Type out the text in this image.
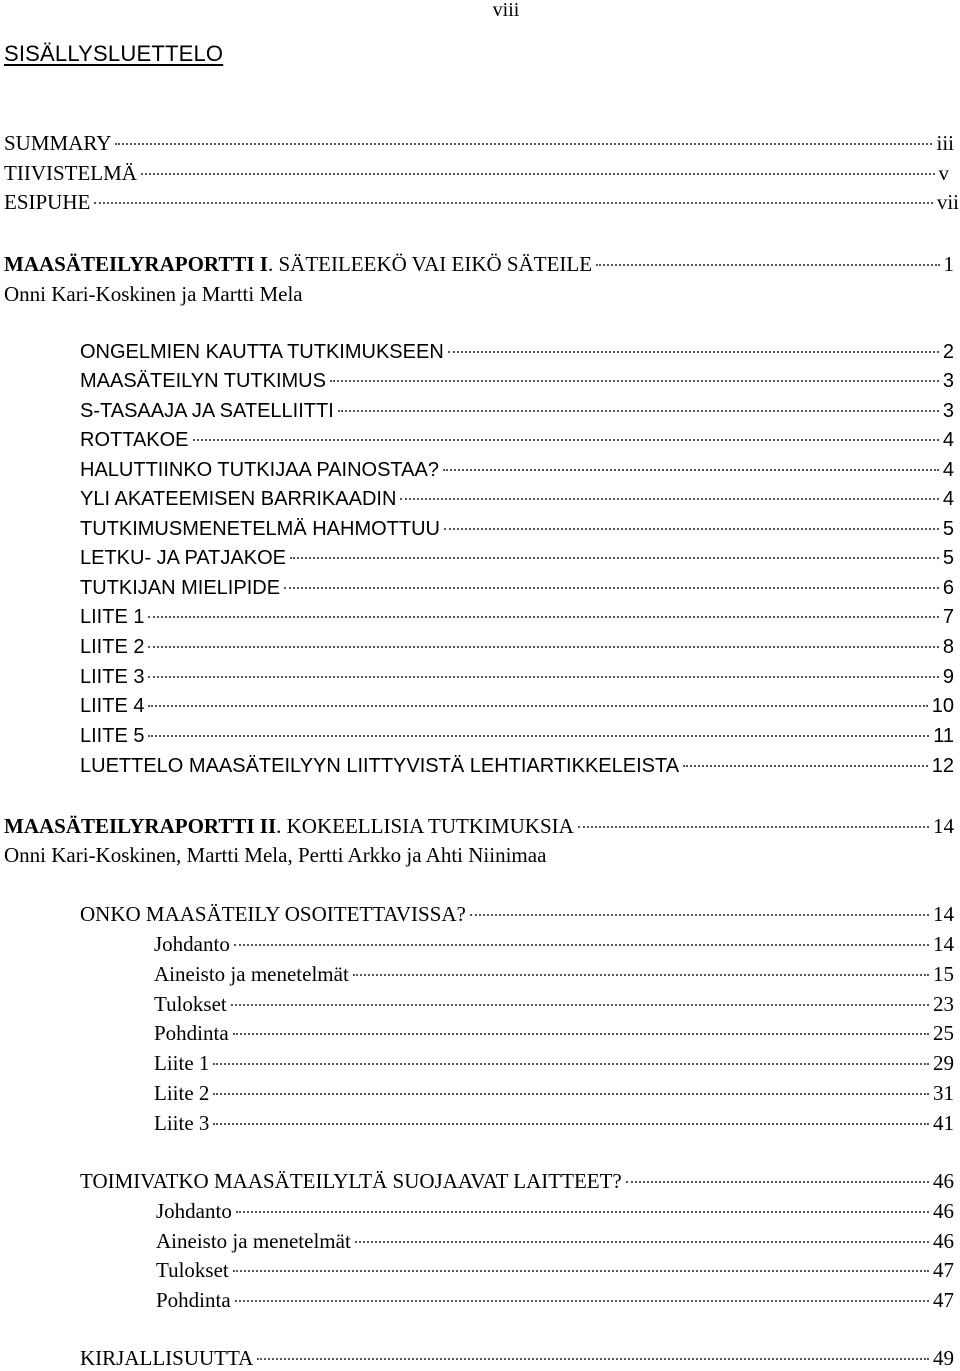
viii
SISÄLLYSLUETTELO
SUMMARY	iii
TIIVISTELMÄ	v
ESIPUHE	vii
MAASÄTEILYRAPORTTI I. SÄTEILEEKÖ VAI EIKÖ SÄTEILE	1
Onni Kari-Koskinen ja Martti Mela
ONGELMIEN KAUTTA TUTKIMUKSEEN	2
MAASÄTEILYN TUTKIMUS	3
S-TASAAJA JA SATELLIITTI	3
ROTTAKOE	4
HALUTTIINKO TUTKIJAA PAINOSTAA?	4
YLI AKATEEMISEN BARRIKAADIN	4
TUTKIMUSMENETELMÄ HAHMOTTUU	5
LETKU- JA PATJAKOE	5
TUTKIJAN MIELIPIDE	6
LIITE 1	7
LIITE 2	8
LIITE 3	9
LIITE 4	10
LIITE 5	11
LUETTELO MAASÄTEILYYN LIITTYVISTÄ LEHTIARTIKKELEISTA	12
MAASÄTEILYRAPORTTI II. KOKEELLISIA TUTKIMUKSIA	14
Onni Kari-Koskinen, Martti Mela, Pertti Arkko ja Ahti Niinimaa
ONKO MAASÄTEILY OSOITETTAVISSA?	14
Johdanto	14
Aineisto ja menetelmät	15
Tulokset	23
Pohdinta	25
Liite 1	29
Liite 2	31
Liite 3	41
TOIMIVATKO MAASÄTEILYLTÄ SUOJAAVAT LAITTEET?	46
Johdanto	46
Aineisto ja menetelmät	46
Tulokset	47
Pohdinta	47
KIRJALLISUUTTA	49
